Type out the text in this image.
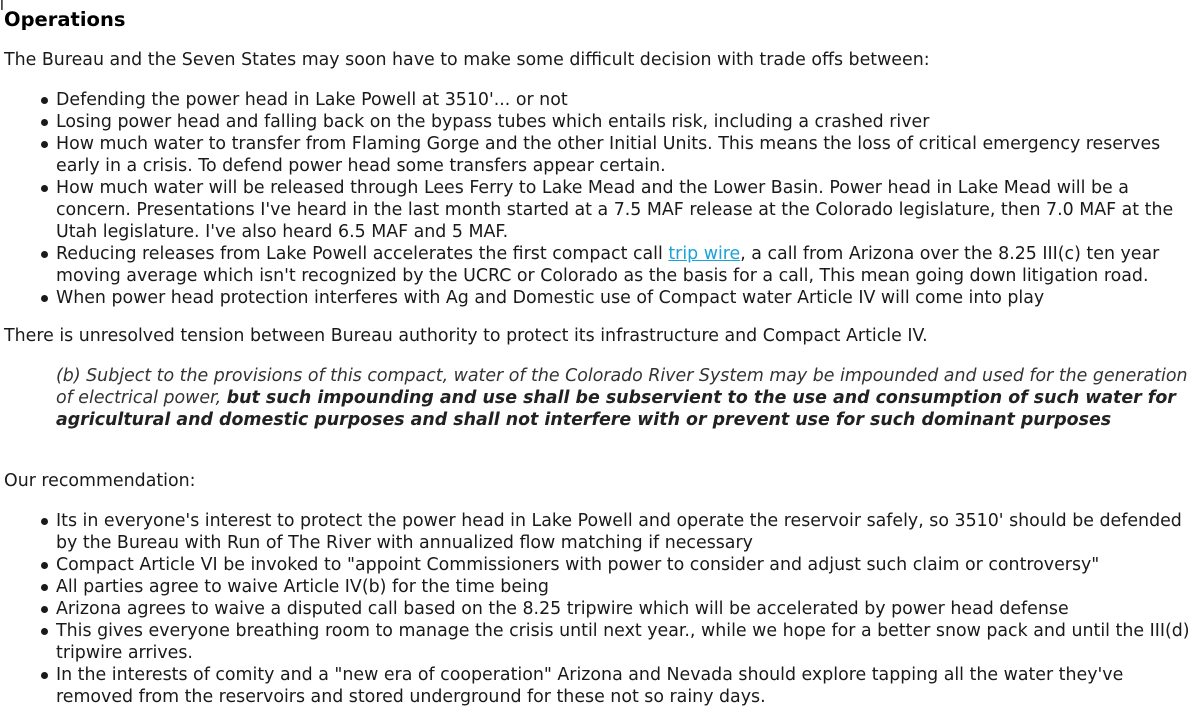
I
Operations

The Bureau and the Seven States may soon have to make some difficult decision with trade offs between:

Defending the power head in Lake Powell at 3510'... or not
Losing power head and falling back on the bypass tubes which entails risk, including a crashed river
How much water to transfer from Flaming Gorge and the other Initial Units. This means the loss of critical emergency reserves early in a crisis. To defend power head some transfers appear certain.
How much water will be released through Lees Ferry to Lake Mead and the Lower Basin. Power head in Lake Mead will be a concern. Presentations I've heard in the last month started at a 7.5 MAF release at the Colorado legislature, then 7.0 MAF at the Utah legislature. I've also heard 6.5 MAF and 5 MAF.
Reducing releases from Lake Powell accelerates the first compact call trip wire, a call from Arizona over the 8.25 III(c) ten year moving average which isn't recognized by the UCRC or Colorado as the basis for a call, This mean going down litigation road.
When power head protection interferes with Ag and Domestic use of Compact water Article IV will come into play

There is unresolved tension between Bureau authority to protect its infrastructure and Compact Article IV.

(b) Subject to the provisions of this compact, water of the Colorado River System may be impounded and used for the generation of electrical power, but such impounding and use shall be subservient to the use and consumption of such water for agricultural and domestic purposes and shall not interfere with or prevent use for such dominant purposes

Our recommendation:

Its in everyone's interest to protect the power head in Lake Powell and operate the reservoir safely, so 3510' should be defended by the Bureau with Run of The River with annualized flow matching if necessary
Compact Article VI be invoked to "appoint Commissioners with power to consider and adjust such claim or controversy"
All parties agree to waive Article IV(b) for the time being
Arizona agrees to waive a disputed call based on the 8.25 tripwire which will be accelerated by power head defense
This gives everyone breathing room to manage the crisis until next year., while we hope for a better snow pack and until the III(d) tripwire arrives.
In the interests of comity and a "new era of cooperation" Arizona and Nevada should explore tapping all the water they've removed from the reservoirs and stored underground for these not so rainy days.
